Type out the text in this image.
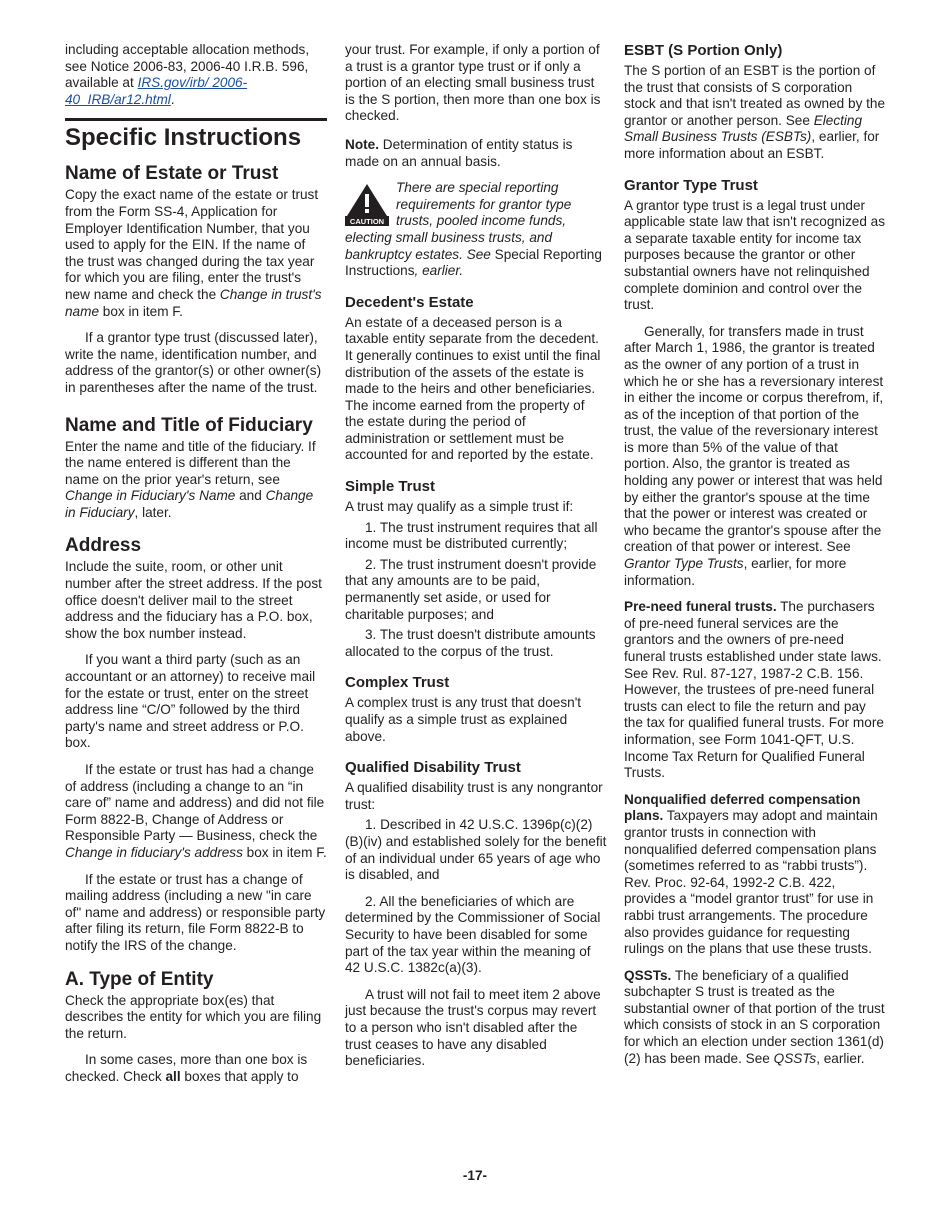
including acceptable allocation methods, see Notice 2006-83, 2006-40 I.R.B. 596, available at IRS.gov/irb/ 2006-40_IRB/ar12.html.

Specific Instructions
Name of Estate or Trust

Copy the exact name of the estate or trust from the Form SS-4, Application for Employer Identification Number, that you used to apply for the EIN. If the name of the trust was changed during the tax year for which you are filing, enter the trust's new name and check the Change in trust's name box in item F.

If a grantor type trust (discussed later), write the name, identification number, and address of the grantor(s) or other owner(s) in parentheses after the name of the trust.

Name and Title of Fiduciary

Enter the name and title of the fiduciary. If the name entered is different than the name on the prior year's return, see Change in Fiduciary's Name and Change in Fiduciary, later.

Address

Include the suite, room, or other unit number after the street address. If the post office doesn't deliver mail to the street address and the fiduciary has a P.O. box, show the box number instead.

If you want a third party (such as an accountant or an attorney) to receive mail for the estate or trust, enter on the street address line “C/O” followed by the third party's name and street address or P.O. box.

If the estate or trust has had a change of address (including a change to an “in care of” name and address) and did not file Form 8822-B, Change of Address or Responsible Party — Business, check the Change in fiduciary's address box in item F.

If the estate or trust has a change of mailing address (including a new "in care of" name and address) or responsible party after filing its return, file Form 8822-B to notify the IRS of the change.

A. Type of Entity

Check the appropriate box(es) that describes the entity for which you are filing the return.

In some cases, more than one box is checked. Check all boxes that apply to

your trust. For example, if only a portion of a trust is a grantor type trust or if only a portion of an electing small business trust is the S portion, then more than one box is checked.

Note. Determination of entity status is made on an annual basis.

CAUTION
There are special reporting requirements for grantor type trusts, pooled income funds, electing small business trusts, and bankruptcy estates. See Special Reporting Instructions, earlier.
Decedent's Estate

An estate of a deceased person is a taxable entity separate from the decedent. It generally continues to exist until the final distribution of the assets of the estate is made to the heirs and other beneficiaries. The income earned from the property of the estate during the period of administration or settlement must be accounted for and reported by the estate.

Simple Trust

A trust may qualify as a simple trust if:

1. The trust instrument requires that all income must be distributed currently;

2. The trust instrument doesn't provide that any amounts are to be paid, permanently set aside, or used for charitable purposes; and

3. The trust doesn't distribute amounts allocated to the corpus of the trust.

Complex Trust

A complex trust is any trust that doesn't qualify as a simple trust as explained above.

Qualified Disability Trust

A qualified disability trust is any nongrantor trust:

1. Described in 42 U.S.C. 1396p(c)(2)(B)(iv) and established solely for the benefit of an individual under 65 years of age who is disabled, and

2. All the beneficiaries of which are determined by the Commissioner of Social Security to have been disabled for some part of the tax year within the meaning of 42 U.S.C. 1382c(a)(3).

A trust will not fail to meet item 2 above just because the trust's corpus may revert to a person who isn't disabled after the trust ceases to have any disabled beneficiaries.

ESBT (S Portion Only)

The S portion of an ESBT is the portion of the trust that consists of S corporation stock and that isn't treated as owned by the grantor or another person. See Electing Small Business Trusts (ESBTs), earlier, for more information about an ESBT.

Grantor Type Trust

A grantor type trust is a legal trust under applicable state law that isn't recognized as a separate taxable entity for income tax purposes because the grantor or other substantial owners have not relinquished complete dominion and control over the trust.

Generally, for transfers made in trust after March 1, 1986, the grantor is treated as the owner of any portion of a trust in which he or she has a reversionary interest in either the income or corpus therefrom, if, as of the inception of that portion of the trust, the value of the reversionary interest is more than 5% of the value of that portion. Also, the grantor is treated as holding any power or interest that was held by either the grantor's spouse at the time that the power or interest was created or who became the grantor's spouse after the creation of that power or interest. See Grantor Type Trusts, earlier, for more information.

Pre-need funeral trusts. The purchasers of pre-need funeral services are the grantors and the owners of pre-need funeral trusts established under state laws. See Rev. Rul. 87-127, 1987-2 C.B. 156. However, the trustees of pre-need funeral trusts can elect to file the return and pay the tax for qualified funeral trusts. For more information, see Form 1041-QFT, U.S. Income Tax Return for Qualified Funeral Trusts.

Nonqualified deferred compensation plans. Taxpayers may adopt and maintain grantor trusts in connection with nonqualified deferred compensation plans (sometimes referred to as “rabbi trusts”). Rev. Proc. 92-64, 1992-2 C.B. 422, provides a “model grantor trust” for use in rabbi trust arrangements. The procedure also provides guidance for requesting rulings on the plans that use these trusts.

QSSTs. The beneficiary of a qualified subchapter S trust is treated as the substantial owner of that portion of the trust which consists of stock in an S corporation for which an election under section 1361(d)(2) has been made. See QSSTs, earlier.

-17-
